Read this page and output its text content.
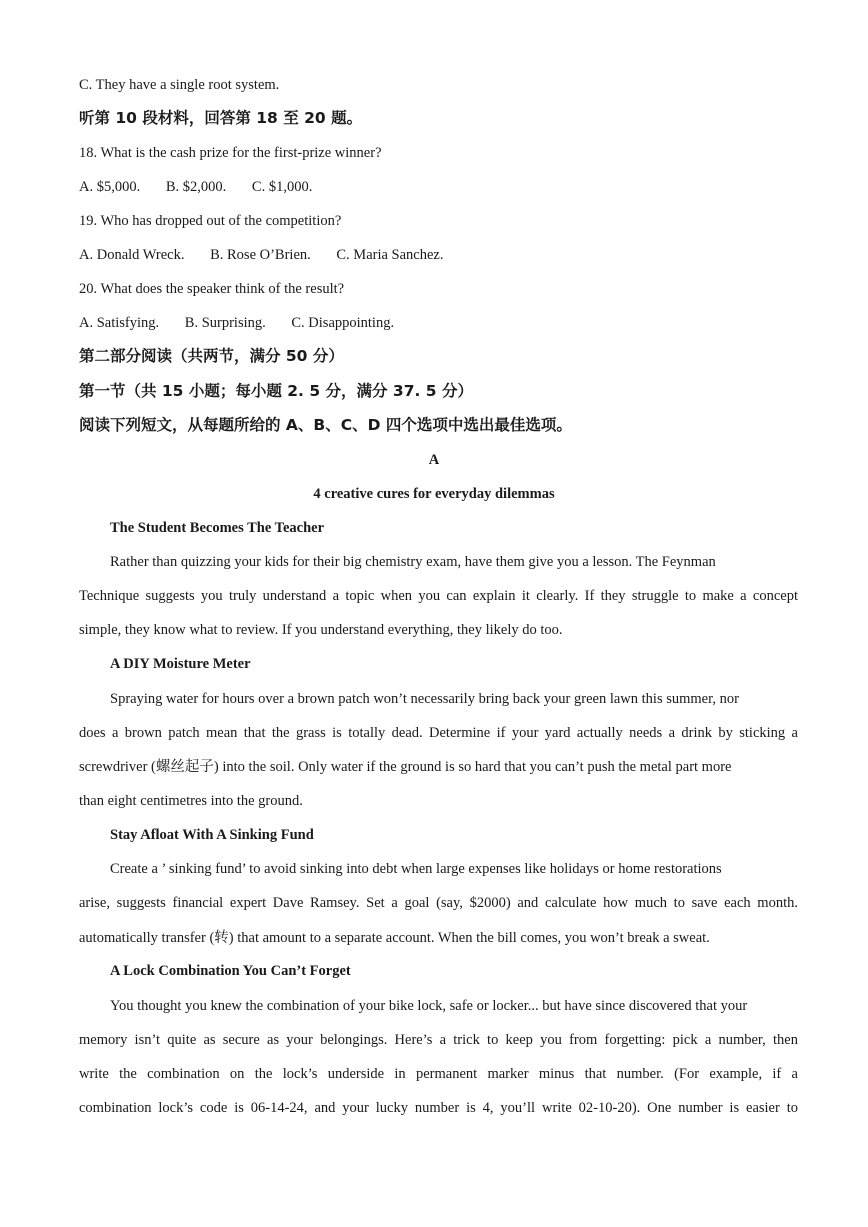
C. They have a single root system.
听第 10 段材料，回答第 18 至 20 题。
18. What is the cash prize for the first-prize winner?
A. $5,000. B. $2,000. C. $1,000.
19. Who has dropped out of the competition?
A. Donald Wreck. B. Rose O’Brien. C. Maria Sanchez.
20. What does the speaker think of the result?
A. Satisfying. B. Surprising. C. Disappointing.
第二部分阅读（共两节，满分 50 分）
第一节（共 15 小题；每小题 2. 5 分，满分 37. 5 分）
阅读下列短文，从每题所给的 A、B、C、D 四个选项中选出最佳选项。
A
4 creative cures for everyday dilemmas
The Student Becomes The Teacher
Rather than quizzing your kids for their big chemistry exam, have them give you a lesson. The Feynman
Technique suggests you truly understand a topic when you can explain it clearly. If they struggle to make a concept
simple, they know what to review. If you understand everything, they likely do too.
A DIY Moisture Meter
Spraying water for hours over a brown patch won’t necessarily bring back your green lawn this summer, nor
does a brown patch mean that the grass is totally dead. Determine if your yard actually needs a drink by sticking a
screwdriver (螺丝起子) into the soil. Only water if the ground is so hard that you can’t push the metal part more
than eight centimetres into the ground.
Stay Afloat With A Sinking Fund
Create a ’ sinking fund’ to avoid sinking into debt when large expenses like holidays or home restorations
arise, suggests financial expert Dave Ramsey. Set a goal (say, $2000) and calculate how much to save each month.
automatically transfer (转) that amount to a separate account. When the bill comes, you won’t break a sweat.
A Lock Combination You Can’t Forget
You thought you knew the combination of your bike lock, safe or locker... but have since discovered that your
memory isn’t quite as secure as your belongings. Here’s a trick to keep you from forgetting: pick a number, then
write the combination on the lock’s underside in permanent marker minus that number. (For example, if a
combination lock’s code is 06-14-24, and your lucky number is 4, you’ll write 02-10-20). One number is easier to
